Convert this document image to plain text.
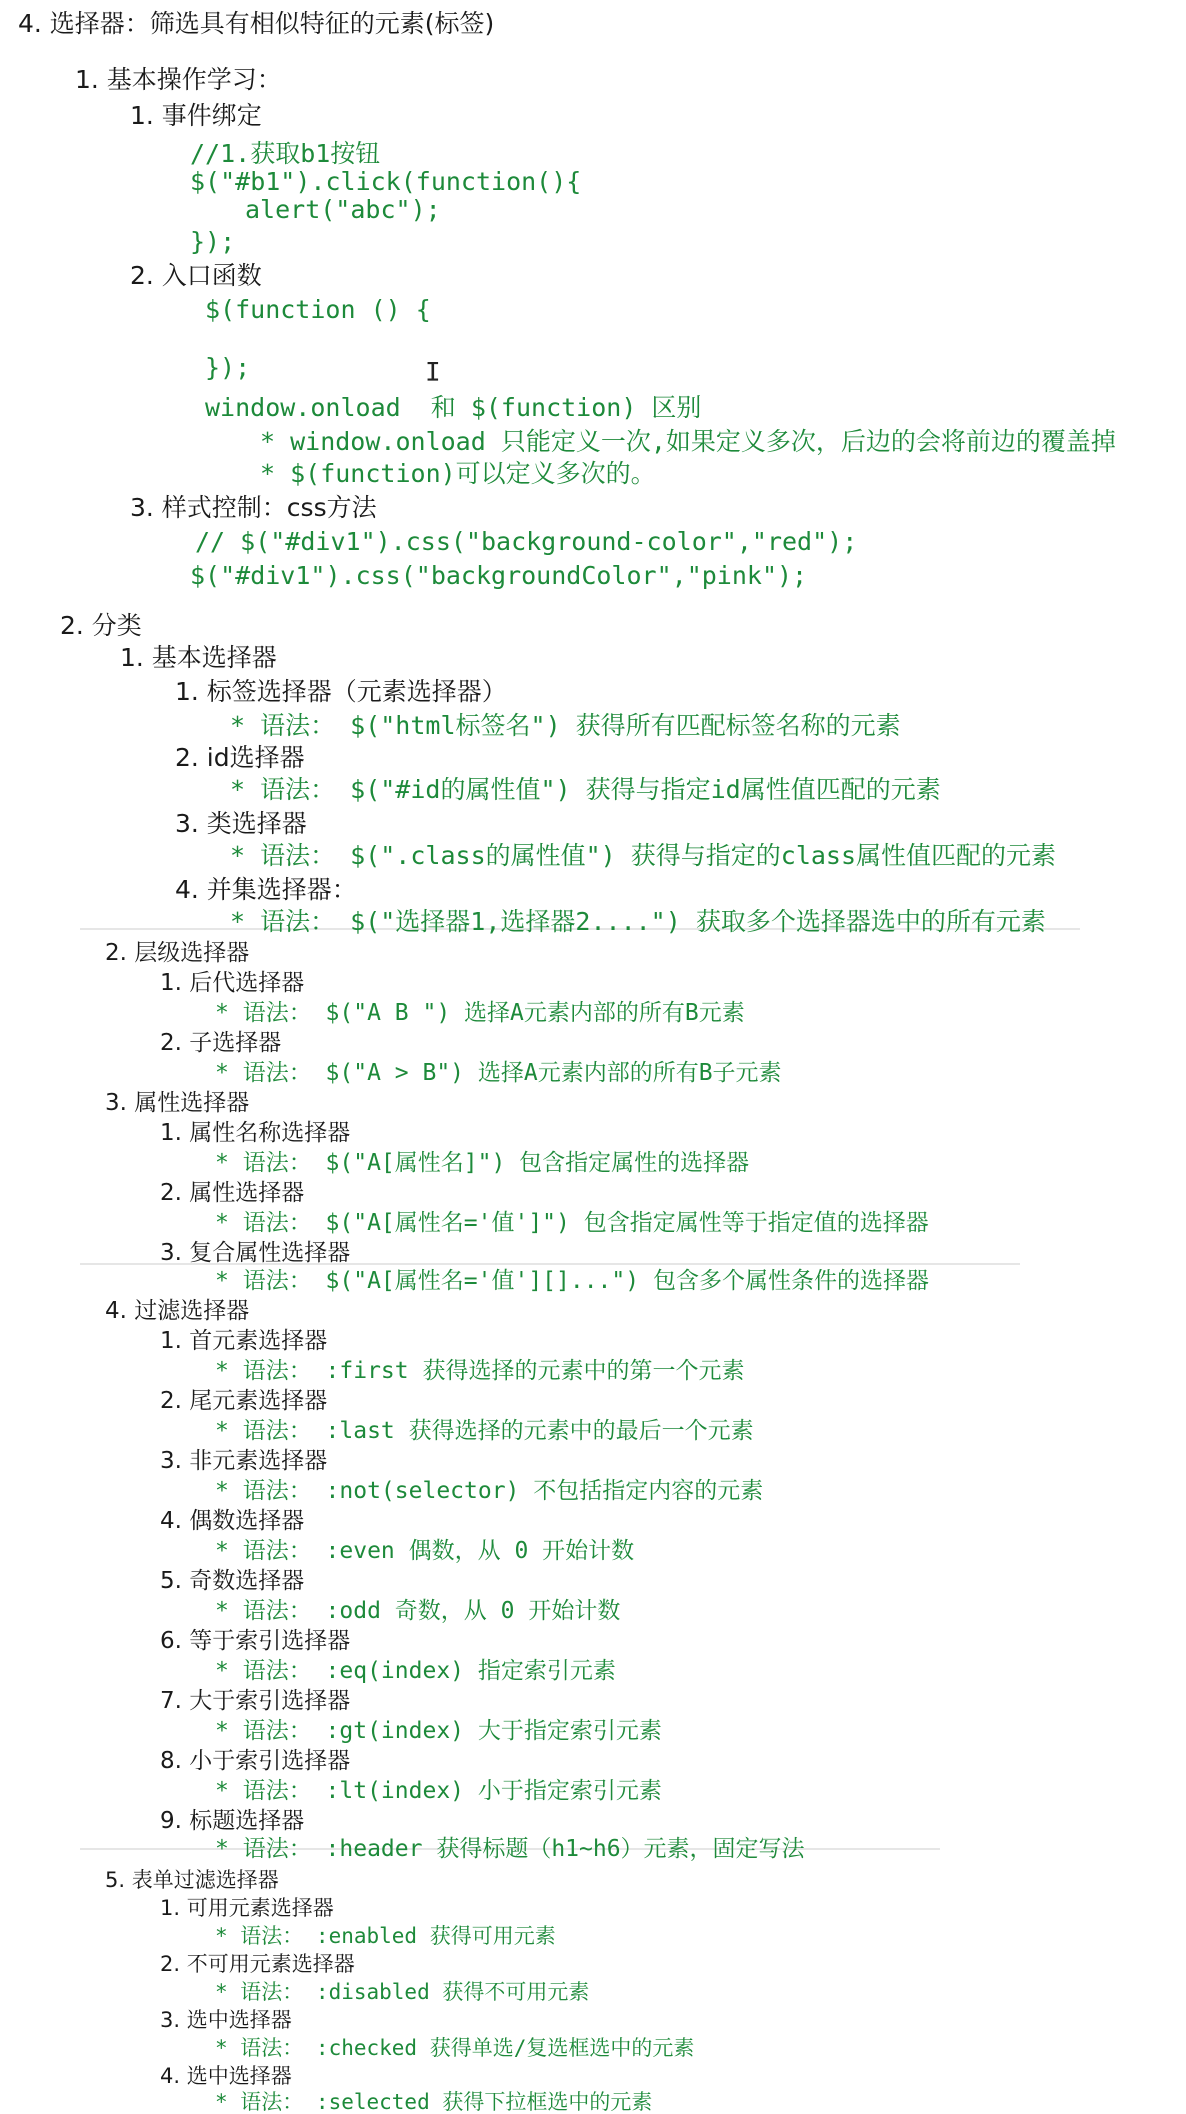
Ι
4. 选择器：筛选具有相似特征的元素(标签)
1. 基本操作学习：
1. 事件绑定
//1.获取b1按钮
$("#b1").click(function(){
alert("abc");
});
2. 入口函数
$(function () {
});
window.onload  和 $(function) 区别
* window.onload 只能定义一次,如果定义多次，后边的会将前边的覆盖掉
* $(function)可以定义多次的。
3. 样式控制：css方法
// $("#div1").css("background-color","red");
$("#div1").css("backgroundColor","pink");
2. 分类
1. 基本选择器
1. 标签选择器（元素选择器）
* 语法： $("html标签名") 获得所有匹配标签名称的元素
2. id选择器
* 语法： $("#id的属性值") 获得与指定id属性值匹配的元素
3. 类选择器
* 语法： $(".class的属性值") 获得与指定的class属性值匹配的元素
4. 并集选择器：
* 语法： $("选择器1,选择器2....") 获取多个选择器选中的所有元素
2. 层级选择器
1. 后代选择器
* 语法： $("A B ") 选择A元素内部的所有B元素
2. 子选择器
* 语法： $("A > B") 选择A元素内部的所有B子元素
3. 属性选择器
1. 属性名称选择器
* 语法： $("A[属性名]") 包含指定属性的选择器
2. 属性选择器
* 语法： $("A[属性名='值']") 包含指定属性等于指定值的选择器
3. 复合属性选择器
* 语法： $("A[属性名='值'][]...") 包含多个属性条件的选择器
4. 过滤选择器
1. 首元素选择器
* 语法： :first 获得选择的元素中的第一个元素
2. 尾元素选择器
* 语法： :last 获得选择的元素中的最后一个元素
3. 非元素选择器
* 语法： :not(selector) 不包括指定内容的元素
4. 偶数选择器
* 语法： :even 偶数，从 0 开始计数
5. 奇数选择器
* 语法： :odd 奇数，从 0 开始计数
6. 等于索引选择器
* 语法： :eq(index) 指定索引元素
7. 大于索引选择器
* 语法： :gt(index) 大于指定索引元素
8. 小于索引选择器
* 语法： :lt(index) 小于指定索引元素
9. 标题选择器
* 语法： :header 获得标题（h1~h6）元素，固定写法
5. 表单过滤选择器
1. 可用元素选择器
* 语法： :enabled 获得可用元素
2. 不可用元素选择器
* 语法： :disabled 获得不可用元素
3. 选中选择器
* 语法： :checked 获得单选/复选框选中的元素
4. 选中选择器
* 语法： :selected 获得下拉框选中的元素
